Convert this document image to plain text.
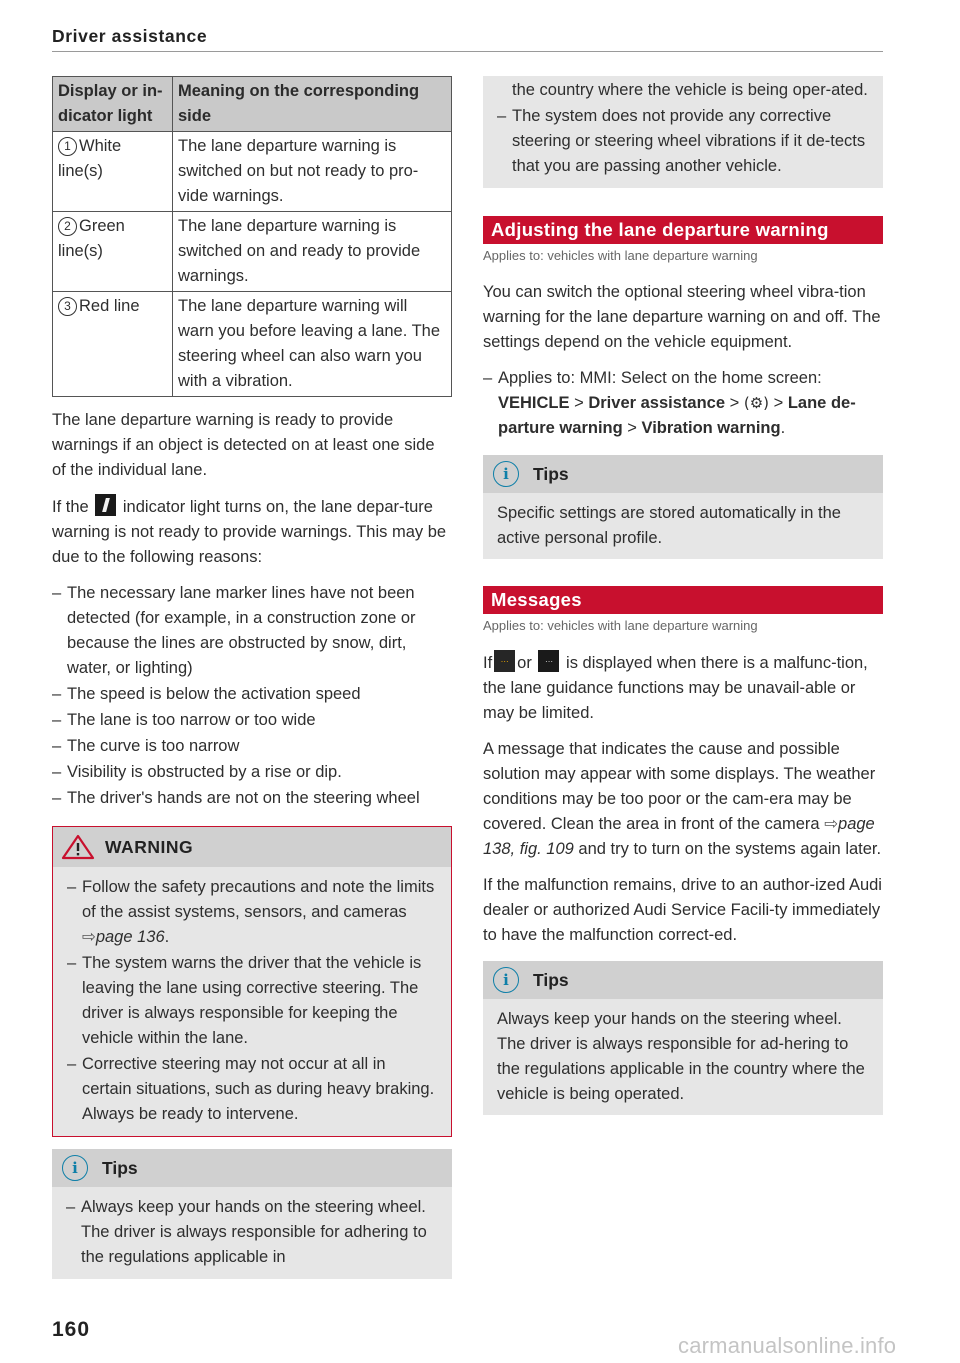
Driver assistance
Display or in-dicator light	Meaning on the corresponding side
1 White line(s)	The lane departure warning is switched on but not ready to pro-vide warnings.
2 Green line(s)	The lane departure warning is switched on and ready to provide warnings.
3 Red line	The lane departure warning will warn you before leaving a lane. The steering wheel can also warn you with a vibration.

The lane departure warning is ready to provide warnings if an object is detected on at least one side of the individual lane.

If the indicator light turns on, the lane depar-ture warning is not ready to provide warnings. This may be due to the following reasons:

– The necessary lane marker lines have not been detected (for example, in a construction zone or because the lines are obstructed by snow, dirt, water, or lighting)
– The speed is below the activation speed
– The lane is too narrow or too wide
– The curve is too narrow
– Visibility is obstructed by a rise or dip.
– The driver's hands are not on the steering wheel
WARNING
– Follow the safety precautions and note the limits of the assist systems, sensors, and cameras ⇨page 136.
– The system warns the driver that the vehicle is leaving the lane using corrective steering. The driver is always responsible for keeping the vehicle within the lane.
– Corrective steering may not occur at all in certain situations, such as during heavy braking. Always be ready to intervene.
i	Tips
– Always keep your hands on the steering wheel. The driver is always responsible for adhering to the regulations applicable in
the country where the vehicle is being oper-ated.
– The system does not provide any corrective steering or steering wheel vibrations if it de-tects that you are passing another vehicle.
Adjusting the lane departure warning
Applies to: vehicles with lane departure warning

You can switch the optional steering wheel vibra-tion warning for the lane departure warning on and off. The settings depend on the vehicle equipment.

– Applies to: MMI: Select on the home screen: VEHICLE > Driver assistance > (⚙) > Lane de-parture warning > Vibration warning.
i	Tips

Specific settings are stored automatically in the active personal profile.

Messages
Applies to: vehicles with lane departure warning

If	⋯ or	⋯ is displayed when there is a malfunc-tion, the lane guidance functions may be unavail-able or may be limited.

A message that indicates the cause and possible solution may appear with some displays. The weather conditions may be too poor or the cam-era may be covered. Clean the area in front of the camera ⇨page 138, fig. 109 and try to turn on the systems again later.

If the malfunction remains, drive to an author-ized Audi dealer or authorized Audi Service Facili-ty immediately to have the malfunction correct-ed.

i	Tips

Always keep your hands on the steering wheel. The driver is always responsible for ad-hering to the regulations applicable in the country where the vehicle is being operated.

160
carmanualsonline.info
